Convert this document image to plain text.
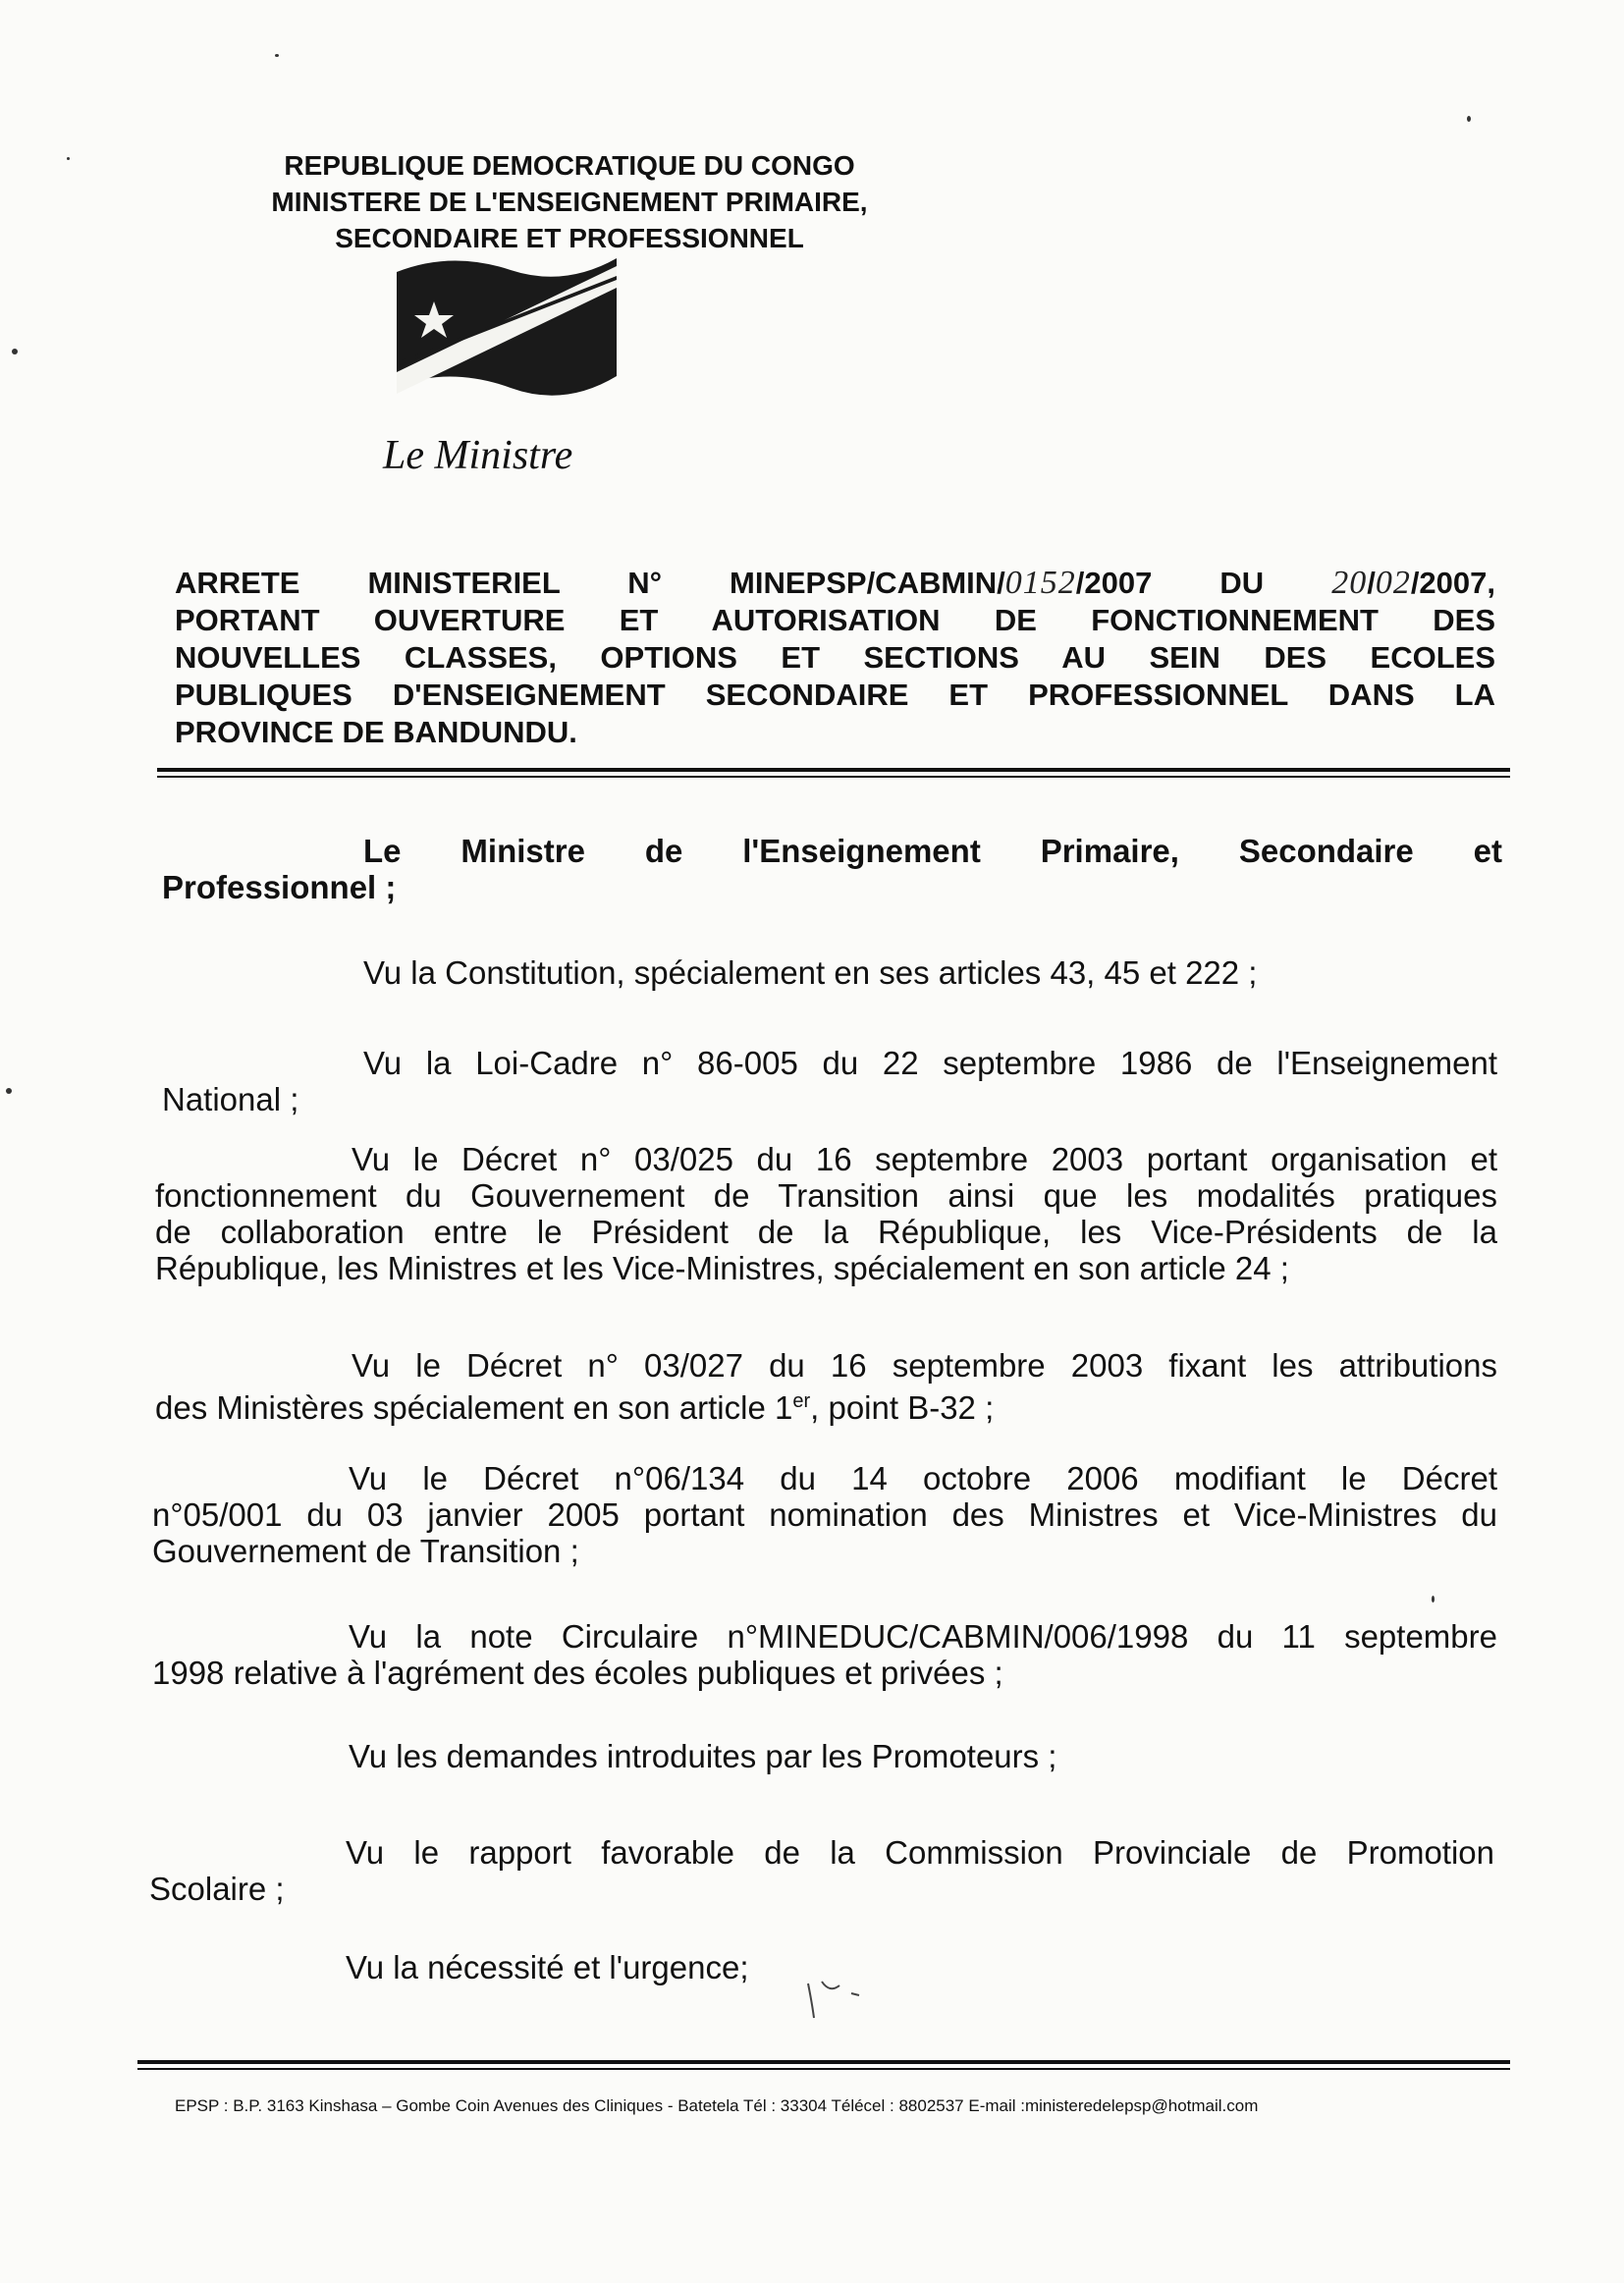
REPUBLIQUE DEMOCRATIQUE DU CONGO
MINISTERE DE L'ENSEIGNEMENT PRIMAIRE,
SECONDAIRE ET PROFESSIONNEL
Le Ministre
ARRETE MINISTERIEL N° MINEPSP/CABMIN/0152/2007 DU 20/02/2007,
PORTANT OUVERTURE ET AUTORISATION DE FONCTIONNEMENT DES
NOUVELLES CLASSES, OPTIONS ET SECTIONS AU SEIN DES ECOLES
PUBLIQUES D'ENSEIGNEMENT SECONDAIRE ET PROFESSIONNEL DANS LA
PROVINCE DE BANDUNDU.
Le Ministre de l'Enseignement Primaire, Secondaire et
Professionnel ;
Vu la Constitution, spécialement en ses articles 43, 45 et 222 ;
Vu la Loi-Cadre n° 86-005 du 22 septembre 1986 de l'Enseignement
National ;
Vu le Décret n° 03/025 du 16 septembre 2003 portant organisation et
fonctionnement du Gouvernement de Transition ainsi que les modalités pratiques
de collaboration entre le Président de la République, les Vice-Présidents de la
République, les Ministres et les Vice-Ministres, spécialement en son article 24 ;
Vu le Décret n° 03/027 du 16 septembre 2003 fixant les attributions
des Ministères spécialement en son article 1er, point B-32 ;
Vu le Décret n°06/134 du 14 octobre 2006 modifiant le Décret
n°05/001 du 03 janvier 2005 portant nomination des Ministres et Vice-Ministres du
Gouvernement de Transition ;
Vu la note Circulaire n°MINEDUC/CABMIN/006/1998 du 11 septembre
1998 relative à l'agrément des écoles publiques et privées ;
Vu les demandes introduites par les Promoteurs ;
Vu le rapport favorable de la Commission Provinciale de Promotion
Scolaire ;
Vu la nécessité et l'urgence;
EPSP : B.P. 3163 Kinshasa – Gombe Coin Avenues des Cliniques - Batetela Tél : 33304 Télécel : 8802537 E-mail :ministeredelepsp@hotmail.com
